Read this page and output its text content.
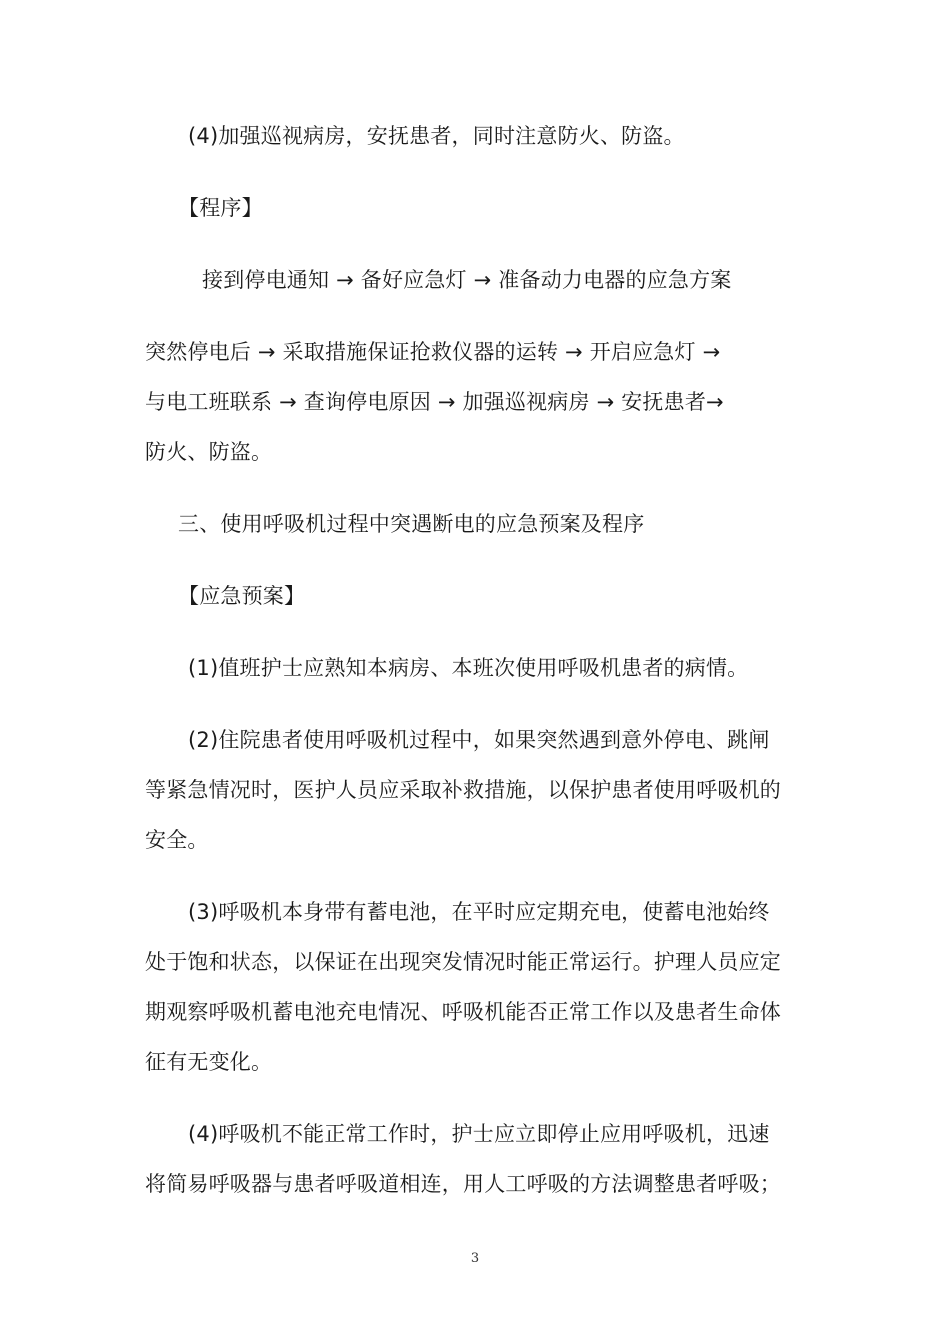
(4)加强巡视病房，安抚患者，同时注意防火、防盗。
【程序】
接到停电通知 → 备好应急灯 → 准备动力电器的应急方案
突然停电后 → 采取措施保证抢救仪器的运转 → 开启应急灯 →
与电工班联系 → 查询停电原因 → 加强巡视病房 → 安抚患者→
防火、防盗。
三、使用呼吸机过程中突遇断电的应急预案及程序
【应急预案】
(1)值班护士应熟知本病房、本班次使用呼吸机患者的病情。
(2)住院患者使用呼吸机过程中，如果突然遇到意外停电、跳闸
等紧急情况时，医护人员应采取补救措施，以保护患者使用呼吸机的
安全。
(3)呼吸机本身带有蓄电池，在平时应定期充电，使蓄电池始终
处于饱和状态，以保证在出现突发情况时能正常运行。护理人员应定
期观察呼吸机蓄电池充电情况、呼吸机能否正常工作以及患者生命体
征有无变化。
(4)呼吸机不能正常工作时，护士应立即停止应用呼吸机，迅速
将简易呼吸器与患者呼吸道相连，用人工呼吸的方法调整患者呼吸；
3
